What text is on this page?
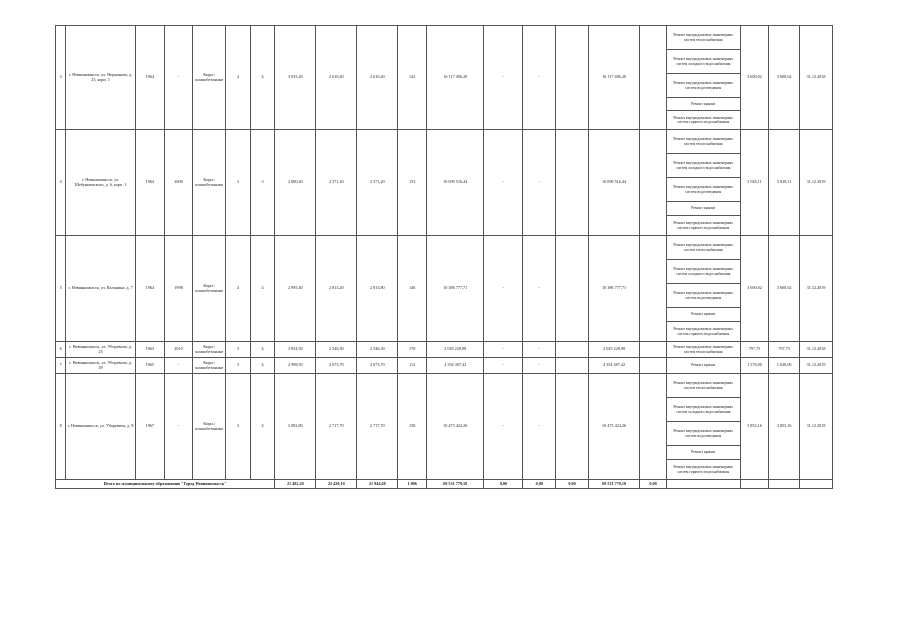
3	г. Невинномысск, ул. Норманова, д. 25, корп. 1	1964	-	Кирп./ шлакобетонные	4	4	3 033,20	2 610,40	2 610,40	142	16 117 496,20	-	-		16 117 496,20		Ремонт внутридомовых инженерных систем теплоснабжения	3 600,02	3 600,02	31.12.2018
																	Ремонт внутридомовых инженерных систем холодного водоснабжения			
																	Ремонт внутридомовых инженерных систем водоотведения			
																	Ремонт крыши			
																	Ремонт внутридомовых инженерных систем горячего водоснабжения			
4	г. Невинномысск, ул. Шебуннемского, д. 6, корп. 1	1964	2008	Кирп./ шлакобетонные	3	3	2 800,20	2 571,20	2 571,20	153	10 099 516,44	-	-		10 099 516,44		Ремонт внутридомовых инженерных систем теплоснабжения	3 928,11	3 928,11	31.12.2019
																	Ремонт внутридомовых инженерных систем холодного водоснабжения			
																	Ремонт внутридомовых инженерных систем водоотведения			
																	Ремонт крыши			
																	Ремонт внутридомовых инженерных систем горячего водоснабжения			
5	г. Невинномысск, ул. Калинина, д. 7	1964	1998	Кирп./ шлакобетонные	4	4	2 995,40	2 813,20	2 813,80	146	10 386 777,71	-	-		10 386 777,71		Ремонт внутридомовых инженерных систем теплоснабжения	3 600,02	3 600,02	31.12.2019
																	Ремонт внутридомовых инженерных систем холодного водоснабжения			
																	Ремонт внутридомовых инженерных систем водоотведения			
																	Ремонт крыши			
																	Ремонт внутридомовых инженерных систем горячего водоснабжения			
6	г. Невинномысск, ул. Уборевича, д. 25	1963	2010	Кирп./ шлакобетонные	3	4	3 854,50	2 546,30	2 546,30	170	2 029 228,98	-	-		2 029 228,98		Ремонт внутридомовых инженерных систем теплоснабжения	797,75	797,75	31.12.2018
7	г. Невинномысск, ул. Уборевича, д. 49	1965	-	Кирп./ шлакобетонные	3	4	2 998,50	2 673,70	2 673,70	112	4 354 387,42	-	-		4 354 387,42		Ремонт крыши	1 578,00	1 628,00	31.12.2019
8	г. Невинномысск, ул. Уборевича, д. 8	1967	-	Кирп./ шлакобетонные	3	4	3 082,80	2 717,70	2 717,70	158	10 473 424,26	-	-		10 473 424,26		Ремонт внутридомовых инженерных систем теплоснабжения	3 853,16	3 853,16	31.12.2018
																	Ремонт внутридомовых инженерных систем холодного водоснабжения			
																	Ремонт внутридомовых инженерных систем водоотведения			
																	Ремонт крыши			
																	Ремонт внутридомовых инженерных систем горячего водоснабжения			
Итого по муниципальному образованию "Город Невинномысск"							21 482,20	22 420,10	21 944,68	1 086	69 531 779,10	0,00	0,00	0,00	69 531 779,10	0,00				
